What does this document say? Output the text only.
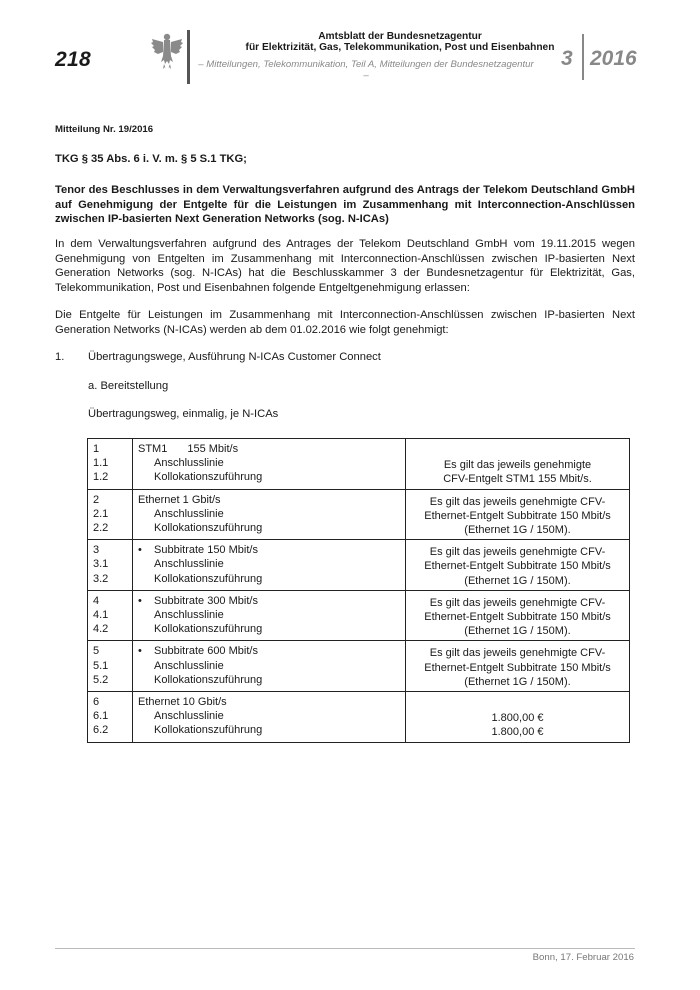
218
Amtsblatt der Bundesnetzagentur
für Elektrizität, Gas, Telekommunikation, Post und Eisenbahnen
– Mitteilungen, Telekommunikation, Teil A, Mitteilungen der Bundesnetzagentur –
3 2016
Mitteilung Nr. 19/2016
TKG § 35 Abs. 6 i. V. m. § 5 S.1 TKG;
Tenor des Beschlusses in dem Verwaltungsverfahren aufgrund des Antrags der Telekom Deutschland GmbH auf Genehmigung der Entgelte für die Leistungen im Zusammenhang mit Interconnection-Anschlüssen zwischen IP-basierten Next Generation Networks (sog. N-ICAs)
In dem Verwaltungsverfahren aufgrund des Antrages der Telekom Deutschland GmbH vom 19.11.2015 wegen Genehmigung von Entgelten im Zusammenhang mit Interconnection-Anschlüssen zwischen IP-basierten Next Generation Networks (sog. N-ICAs) hat die Beschlusskammer 3 der Bundesnetzagentur für Elektrizität, Gas, Telekommunikation, Post und Eisenbahnen folgende Entgeltgenehmigung erlassen:
Die Entgelte für Leistungen im Zusammenhang mit Interconnection-Anschlüssen zwischen IP-basierten Next Generation Networks (N-ICAs) werden ab dem 01.02.2016 wie folgt genehmigt:
1. Übertragungswege, Ausführung N-ICAs Customer Connect
a. Bereitstellung
Übertragungsweg, einmalig, je N-ICAs
1
1.1
1.2	STM1 155 Mbit/s
Anschlusslinie
Kollokationszuführung	Es gilt das jeweils genehmigte
CFV-Entgelt STM1 155 Mbit/s.

2
2.1
2.2	Ethernet 1 Gbit/s
Anschlusslinie
Kollokationszuführung	Es gilt das jeweils genehmigte CFV-
Ethernet-Entgelt Subbitrate 150 Mbit/s
(Ethernet 1G / 150M).

3
3.1
3.2	• Subbitrate 150 Mbit/s
Anschlusslinie
Kollokationszuführung	Es gilt das jeweils genehmigte CFV-
Ethernet-Entgelt Subbitrate 150 Mbit/s
(Ethernet 1G / 150M).

4
4.1
4.2	• Subbitrate 300 Mbit/s
Anschlusslinie
Kollokationszuführung	Es gilt das jeweils genehmigte CFV-
Ethernet-Entgelt Subbitrate 150 Mbit/s
(Ethernet 1G / 150M).

5
5.1
5.2	• Subbitrate 600 Mbit/s
Anschlusslinie
Kollokationszuführung	Es gilt das jeweils genehmigte CFV-
Ethernet-Entgelt Subbitrate 150 Mbit/s
(Ethernet 1G / 150M).

6
6.1
6.2	Ethernet 10 Gbit/s
Anschlusslinie
Kollokationszuführung	1.800,00 €
1.800,00 €
Bonn, 17. Februar 2016
